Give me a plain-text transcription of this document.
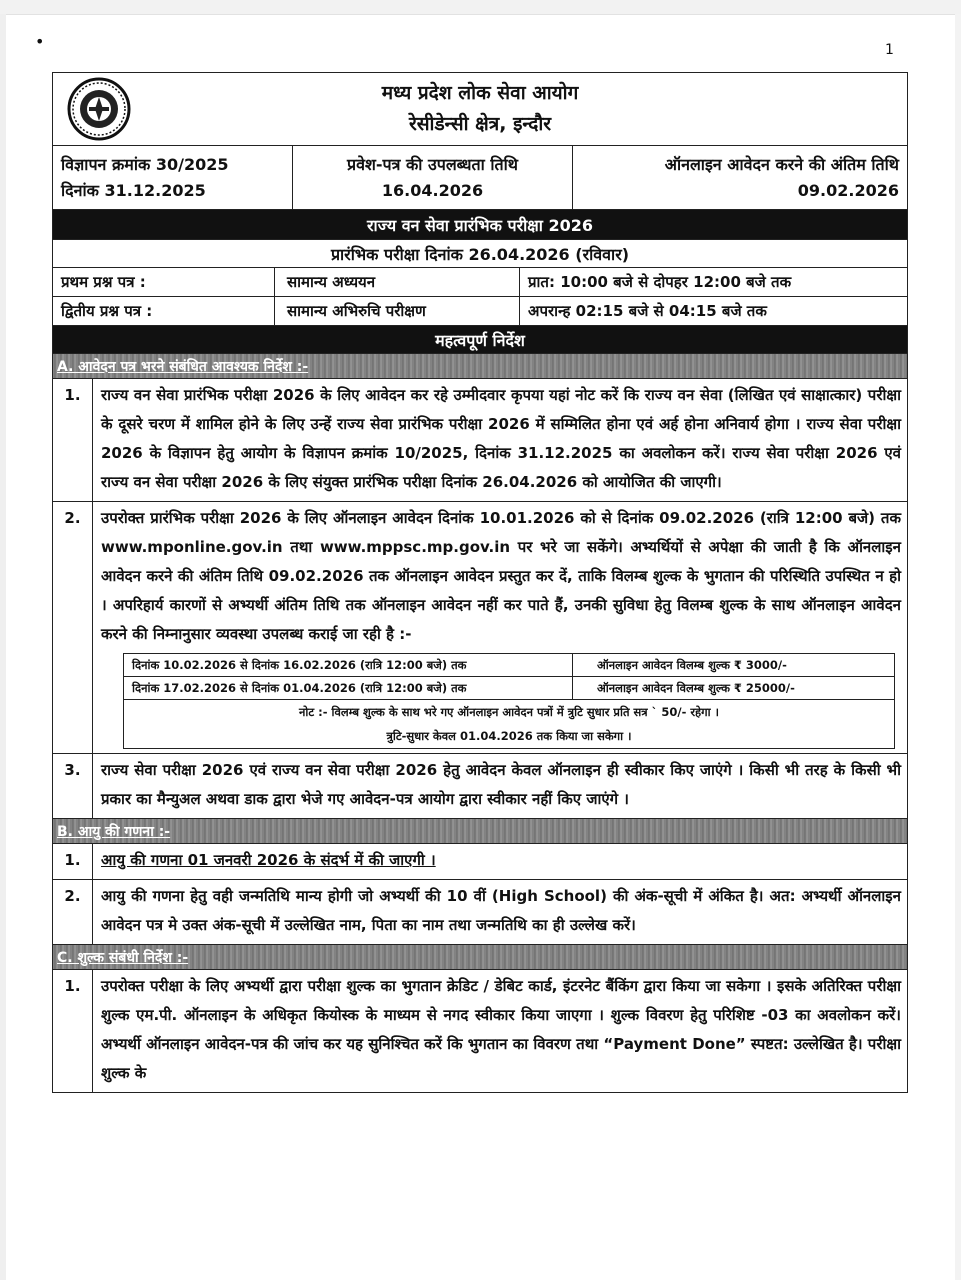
•	1
मध्य प्रदेश लोक सेवा आयोग
रेसीडेन्सी क्षेत्र, इन्दौर
विज्ञापन क्रमांक 30/2025
दिनांक 31.12.2025
प्रवेश-पत्र की उपलब्धता तिथि
16.04.2026
ऑनलाइन आवेदन करने की अंतिम तिथि
09.02.2026
राज्य वन सेवा प्रारंभिक परीक्षा 2026
प्रारंभिक परीक्षा दिनांक 26.04.2026 (रविवार)
प्रथम प्रश्न पत्र :	सामान्य अध्ययन	प्रात: 10:00 बजे से दोपहर 12:00 बजे तक
द्वितीय प्रश्न पत्र :	सामान्य अभिरुचि परीक्षण	अपरान्ह 02:15 बजे से 04:15 बजे तक
महत्वपूर्ण निर्देश
A. आवेदन पत्र भरने संबंधित आवश्यक निर्देश :-
1.	राज्य वन सेवा प्रारंभिक परीक्षा 2026 के लिए आवेदन कर रहे उम्मीदवार कृपया यहां नोट करें कि राज्य वन सेवा (लिखित एवं साक्षात्कार) परीक्षा के दूसरे चरण में शामिल होने के लिए उन्हें राज्य सेवा प्रारंभिक परीक्षा 2026 में सम्मिलित होना एवं अर्ह होना अनिवार्य होगा । राज्य सेवा परीक्षा 2026 के विज्ञापन हेतु आयोग के विज्ञापन क्रमांक 10/2025, दिनांक 31.12.2025 का अवलोकन करें। राज्य सेवा परीक्षा 2026 एवं राज्य वन सेवा परीक्षा 2026 के लिए संयुक्त प्रारंभिक परीक्षा दिनांक 26.04.2026 को आयोजित की जाएगी।
2.	उपरोक्त प्रारंभिक परीक्षा 2026 के लिए ऑनलाइन आवेदन दिनांक 10.01.2026 को से दिनांक 09.02.2026 (रात्रि 12:00 बजे) तक www.mponline.gov.in तथा www.mppsc.mp.gov.in पर भरे जा सकेंगे। अभ्यर्थियों से अपेक्षा की जाती है कि ऑनलाइन आवेदन करने की अंतिम तिथि 09.02.2026 तक ऑनलाइन आवेदन प्रस्तुत कर दें, ताकि विलम्ब शुल्क के भुगतान की परिस्थिति उपस्थित न हो । अपरिहार्य कारणों से अभ्यर्थी अंतिम तिथि तक ऑनलाइन आवेदन नहीं कर पाते हैं, उनकी सुविधा हेतु विलम्ब शुल्क के साथ ऑनलाइन आवेदन करने की निम्नानुसार व्यवस्था उपलब्ध कराई जा रही है :-
दिनांक 10.02.2026 से दिनांक 16.02.2026 (रात्रि 12:00 बजे) तक	ऑनलाइन आवेदन विलम्ब शुल्क ₹ 3000/-
दिनांक 17.02.2026 से दिनांक 01.04.2026 (रात्रि 12:00 बजे) तक	ऑनलाइन आवेदन विलम्ब शुल्क ₹ 25000/-
नोट :- विलम्ब शुल्क के साथ भरे गए ऑनलाइन आवेदन पत्रों में त्रुटि सुधार प्रति सत्र ` 50/- रहेगा ।
त्रुटि-सुधार केवल 01.04.2026 तक किया जा सकेगा ।
3.	राज्य सेवा परीक्षा 2026 एवं राज्य वन सेवा परीक्षा 2026 हेतु आवेदन केवल ऑनलाइन ही स्वीकार किए जाएंगे । किसी भी तरह के किसी भी प्रकार का मैन्युअल अथवा डाक द्वारा भेजे गए आवेदन-पत्र आयोग द्वारा स्वीकार नहीं किए जाएंगे ।
B. आयु की गणना :-
1.	आयु की गणना 01 जनवरी 2026 के संदर्भ में की जाएगी ।
2.	आयु की गणना हेतु वही जन्मतिथि मान्य होगी जो अभ्यर्थी की 10 वीं (High School) की अंक-सूची में अंकित है। अत: अभ्यर्थी ऑनलाइन आवेदन पत्र मे उक्त अंक-सूची में उल्लेखित नाम, पिता का नाम तथा जन्मतिथि का ही उल्लेख करें।
C. शुल्क संबंधी निर्देश :-
1.	उपरोक्त परीक्षा के लिए अभ्यर्थी द्वारा परीक्षा शुल्क का भुगतान क्रेडिट / डेबिट कार्ड, इंटरनेट बैंकिंग द्वारा किया जा सकेगा । इसके अतिरिक्त परीक्षा शुल्क एम.पी. ऑनलाइन के अधिकृत कियोस्क के माध्यम से नगद स्वीकार किया जाएगा । शुल्क विवरण हेतु परिशिष्ट -03 का अवलोकन करें। अभ्यर्थी ऑनलाइन आवेदन-पत्र की जांच कर यह सुनिश्चित करें कि भुगतान का विवरण तथा “Payment Done” स्पष्टत: उल्लेखित है। परीक्षा शुल्क के
